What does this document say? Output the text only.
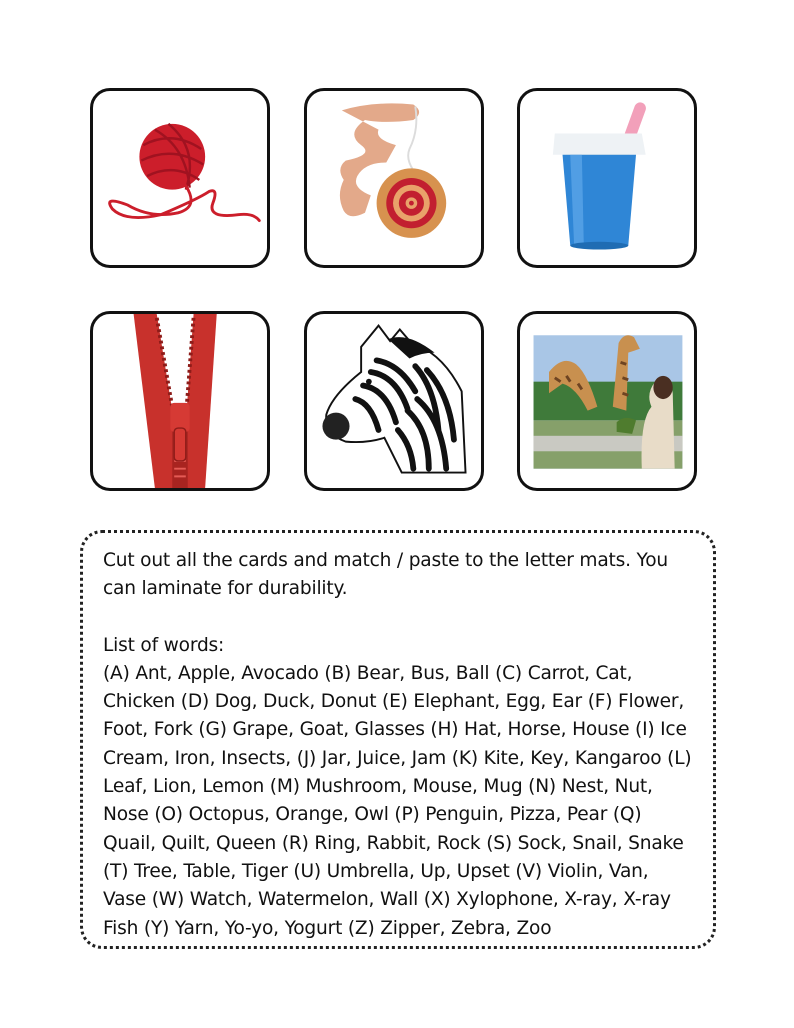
Cut out all the cards and match / paste to the letter mats. You can laminate for durability.

List of words:

(A) Ant, Apple, Avocado (B) Bear, Bus, Ball (C) Carrot, Cat, Chicken (D) Dog, Duck, Donut (E) Elephant, Egg, Ear (F) Flower, Foot, Fork (G) Grape, Goat, Glasses (H) Hat, Horse, House (I) Ice Cream, Iron, Insects, (J) Jar, Juice, Jam (K) Kite, Key, Kangaroo (L) Leaf, Lion, Lemon (M) Mushroom, Mouse, Mug (N) Nest, Nut, Nose (O) Octopus, Orange, Owl (P) Penguin, Pizza, Pear (Q) Quail, Quilt, Queen (R) Ring, Rabbit, Rock (S) Sock, Snail, Snake (T) Tree, Table, Tiger (U) Umbrella, Up, Upset (V) Violin, Van, Vase (W) Watch, Watermelon, Wall (X) Xylophone, X-ray, X-ray Fish (Y) Yarn, Yo-yo, Yogurt (Z) Zipper, Zebra, Zoo
